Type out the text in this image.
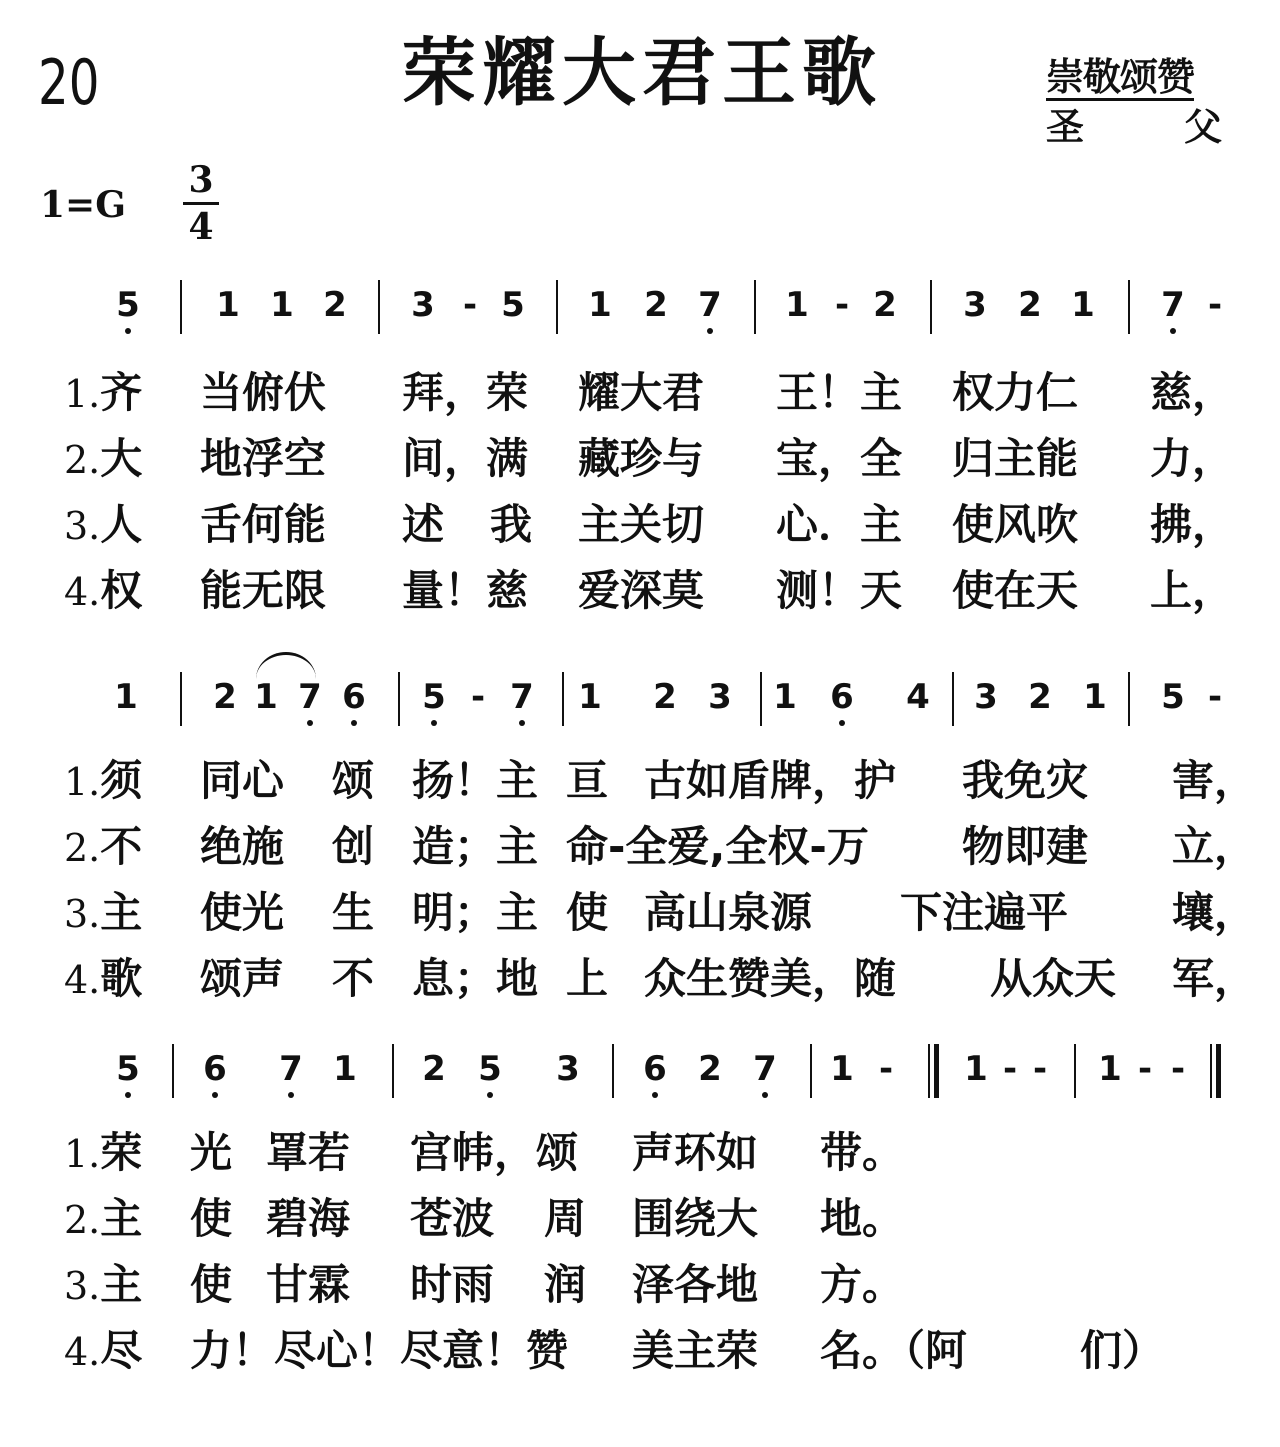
20	荣耀大君王歌	崇敬颂赞
圣	父
1=G
3
4
5 1 1 2 3 - 5 1 2 7 1 - 2 3 2 1 7 -
1.齐 当俯伏 拜，荣 耀大君 王！主 权力仁 慈，
2.大 地浮空 间，满 藏珍与 宝，全 归主能 力，
3.人 舌何能 述 我 主关切 心．主 使风吹 拂，
4.权 能无限 量！慈 爱深莫 测！天 使在天 上，
1 2 1 7 6 5 - 7 1 2 3 1 6 4 3 2 1 5 -
1.须 同心 颂 扬！主 亘 古如盾牌，护 我免灾 害，
2.不 绝施 创 造；主 命-全爱,全权-万 物即建 立，
3.主 使光 生 明；主 使 高山泉源 下注遍平 壤，
4.歌 颂声 不 息；地 上 众生赞美，随 从众天 军，
5 6 7 1 2 5 3 6 2 7 1 -	1 - -	1 - -
1.荣 光 罩若 宫帏，颂 声环如 带。
2.主 使 碧海 苍波 周 围绕大 地。
3.主 使 甘霖 时雨 润 泽各地 方。
4.尽 力！尽心！尽意！赞 美主荣 名。（阿	们）
